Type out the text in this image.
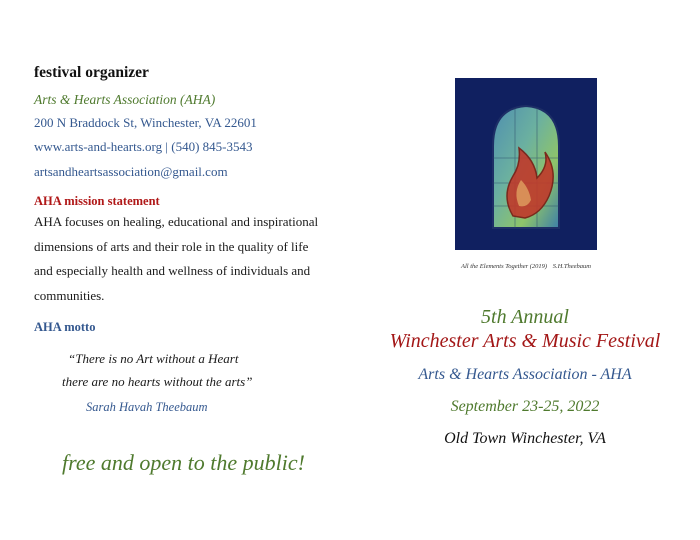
festival organizer
Arts & Hearts Association (AHA)
200 N Braddock St, Winchester, VA 22601
www.arts-and-hearts.org | (540) 845-3543
artsandheartsassociation@gmail.com
AHA mission statement
AHA focuses on healing, educational and inspirational
dimensions of arts and their role in the quality of life
and especially health and wellness of individuals and
communities.
AHA motto
“There is no Art without a Heart
there are no hearts without the arts”
Sarah Havah Theebaum
free and open to the public!
All the Elements Together (2019) S.H.Theebaum
5th Annual
Winchester Arts & Music Festival
Arts & Hearts Association - AHA
September 23-25, 2022
Old Town Winchester, VA
